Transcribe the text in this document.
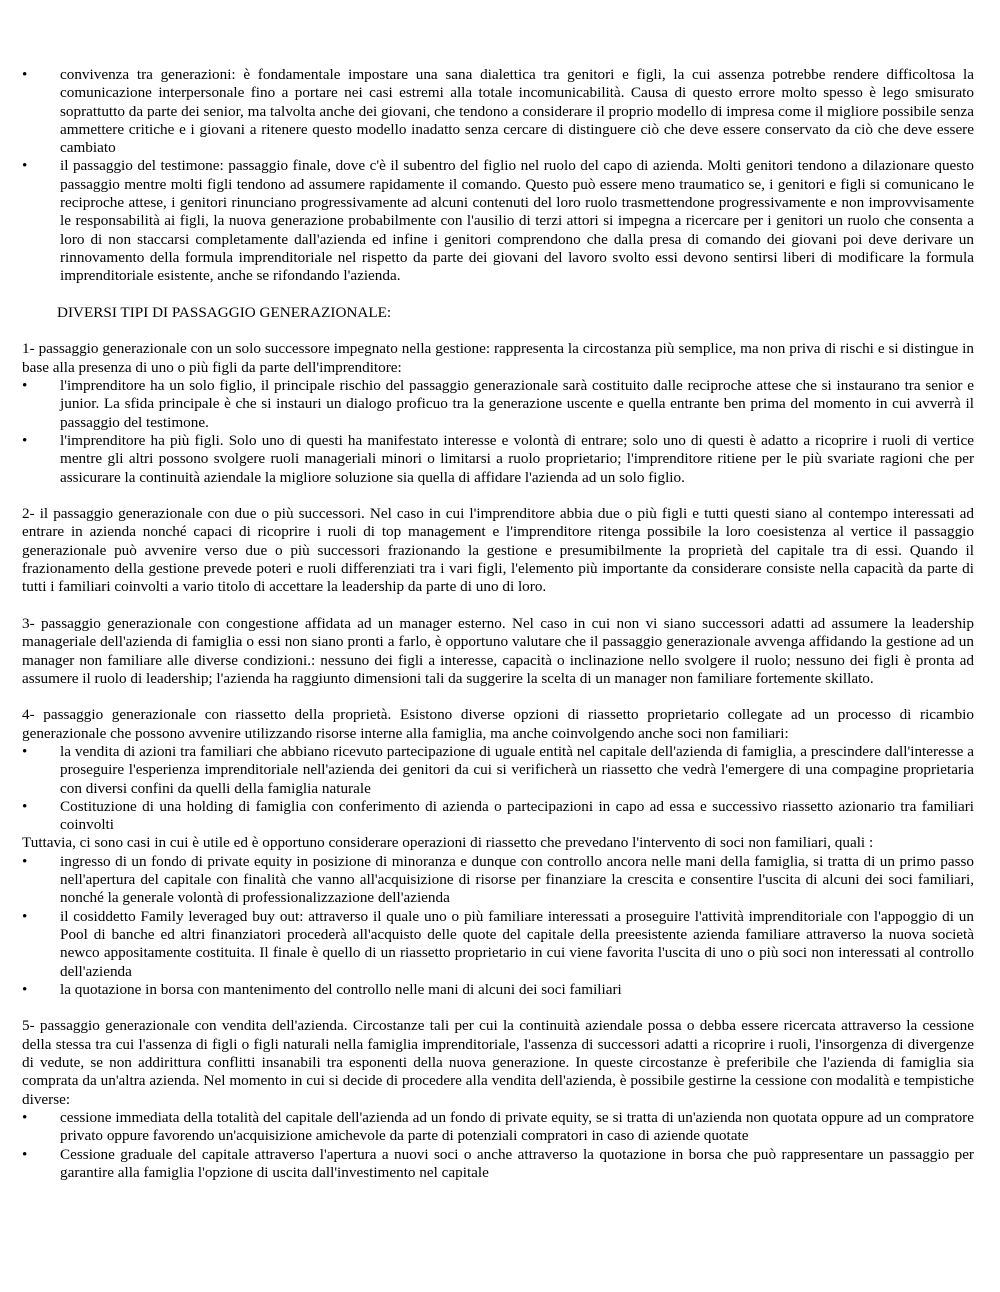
•	convivenza tra generazioni: è fondamentale impostare una sana dialettica tra genitori e figli, la cui assenza potrebbe rendere difficoltosa la comunicazione interpersonale fino a portare nei casi estremi alla totale incomunicabilità. Causa di questo errore molto spesso è lego smisurato soprattutto da parte dei senior, ma talvolta anche dei giovani, che tendono a considerare il proprio modello di impresa come il migliore possibile senza ammettere critiche e i giovani a ritenere questo modello inadatto senza cercare di distinguere ciò che deve essere conservato da ciò che deve essere cambiato
•	il passaggio del testimone: passaggio finale, dove c'è il subentro del figlio nel ruolo del capo di azienda. Molti genitori tendono a dilazionare questo passaggio mentre molti figli tendono ad assumere rapidamente il comando. Questo può essere meno traumatico se, i genitori e figli si comunicano le reciproche attese, i genitori rinunciano progressivamente ad alcuni contenuti del loro ruolo trasmettendone progressivamente e non improvvisamente le responsabilità ai figli, la nuova generazione probabilmente con l'ausilio di terzi attori si impegna a ricercare per i genitori un ruolo che consenta a loro di non staccarsi completamente dall'azienda ed infine i genitori comprendono che dalla presa di comando dei giovani poi deve derivare un rinnovamento della formula imprenditoriale nel rispetto da parte dei giovani del lavoro svolto essi devono sentirsi liberi di modificare la formula imprenditoriale esistente, anche se rifondando l'azienda.

DIVERSI TIPI DI PASSAGGIO GENERAZIONALE:

1- passaggio generazionale con un solo successore impegnato nella gestione: rappresenta la circostanza più semplice, ma non priva di rischi e si distingue in base alla presenza di uno o più figli da parte dell'imprenditore:

•	l'imprenditore ha un solo figlio, il principale rischio del passaggio generazionale sarà costituito dalle reciproche attese che si instaurano tra senior e junior. La sfida principale è che si instauri un dialogo proficuo tra la generazione uscente e quella entrante ben prima del momento in cui avverrà il passaggio del testimone.
•	l'imprenditore ha più figli. Solo uno di questi ha manifestato interesse e volontà di entrare; solo uno di questi è adatto a ricoprire i ruoli di vertice mentre gli altri possono svolgere ruoli manageriali minori o limitarsi a ruolo proprietario; l'imprenditore ritiene per le più svariate ragioni che per assicurare la continuità aziendale la migliore soluzione sia quella di affidare l'azienda ad un solo figlio.

2- il passaggio generazionale con due o più successori. Nel caso in cui l'imprenditore abbia due o più figli e tutti questi siano al contempo interessati ad entrare in azienda nonché capaci di ricoprire i ruoli di top management e l'imprenditore ritenga possibile la loro coesistenza al vertice il passaggio generazionale può avvenire verso due o più successori frazionando la gestione e presumibilmente la proprietà del capitale tra di essi. Quando il frazionamento della gestione prevede poteri e ruoli differenziati tra i vari figli, l'elemento più importante da considerare consiste nella capacità da parte di tutti i familiari coinvolti a vario titolo di accettare la leadership da parte di uno di loro.

3- passaggio generazionale con congestione affidata ad un manager esterno. Nel caso in cui non vi siano successori adatti ad assumere la leadership manageriale dell'azienda di famiglia o essi non siano pronti a farlo, è opportuno valutare che il passaggio generazionale avvenga affidando la gestione ad un manager non familiare alle diverse condizioni.: nessuno dei figli a interesse, capacità o inclinazione nello svolgere il ruolo; nessuno dei figli è pronta ad assumere il ruolo di leadership; l'azienda ha raggiunto dimensioni tali da suggerire la scelta di un manager non familiare fortemente skillato.

4- passaggio generazionale con riassetto della proprietà. Esistono diverse opzioni di riassetto proprietario collegate ad un processo di ricambio generazionale che possono avvenire utilizzando risorse interne alla famiglia, ma anche coinvolgendo anche soci non familiari:

•	la vendita di azioni tra familiari che abbiano ricevuto partecipazione di uguale entità nel capitale dell'azienda di famiglia, a prescindere dall'interesse a proseguire l'esperienza imprenditoriale nell'azienda dei genitori da cui si verificherà un riassetto che vedrà l'emergere di una compagine proprietaria con diversi confini da quelli della famiglia naturale
•	Costituzione di una holding di famiglia con conferimento di azienda o partecipazioni in capo ad essa e successivo riassetto azionario tra familiari coinvolti

Tuttavia, ci sono casi in cui è utile ed è opportuno considerare operazioni di riassetto che prevedano l'intervento di soci non familiari, quali :

•	ingresso di un fondo di private equity in posizione di minoranza e dunque con controllo ancora nelle mani della famiglia, si tratta di un primo passo nell'apertura del capitale con finalità che vanno all'acquisizione di risorse per finanziare la crescita e consentire l'uscita di alcuni dei soci familiari, nonché la generale volontà di professionalizzazione dell'azienda
•	il cosiddetto Family leveraged buy out: attraverso il quale uno o più familiare interessati a proseguire l'attività imprenditoriale con l'appoggio di un Pool di banche ed altri finanziatori procederà all'acquisto delle quote del capitale della preesistente azienda familiare attraverso la nuova società newco appositamente costituita. Il finale è quello di un riassetto proprietario in cui viene favorita l'uscita di uno o più soci non interessati al controllo dell'azienda
•	la quotazione in borsa con mantenimento del controllo nelle mani di alcuni dei soci familiari

5- passaggio generazionale con vendita dell'azienda. Circostanze tali per cui la continuità aziendale possa o debba essere ricercata attraverso la cessione della stessa tra cui l'assenza di figli o figli naturali nella famiglia imprenditoriale, l'assenza di successori adatti a ricoprire i ruoli, l'insorgenza di divergenze di vedute, se non addirittura conflitti insanabili tra esponenti della nuova generazione. In queste circostanze è preferibile che l'azienda di famiglia sia comprata da un'altra azienda. Nel momento in cui si decide di procedere alla vendita dell'azienda, è possibile gestirne la cessione con modalità e tempistiche diverse:

•	cessione immediata della totalità del capitale dell'azienda ad un fondo di private equity, se si tratta di un'azienda non quotata oppure ad un compratore privato oppure favorendo un'acquisizione amichevole da parte di potenziali compratori in caso di aziende quotate
•	Cessione graduale del capitale attraverso l'apertura a nuovi soci o anche attraverso la quotazione in borsa che può rappresentare un passaggio per garantire alla famiglia l'opzione di uscita dall'investimento nel capitale
